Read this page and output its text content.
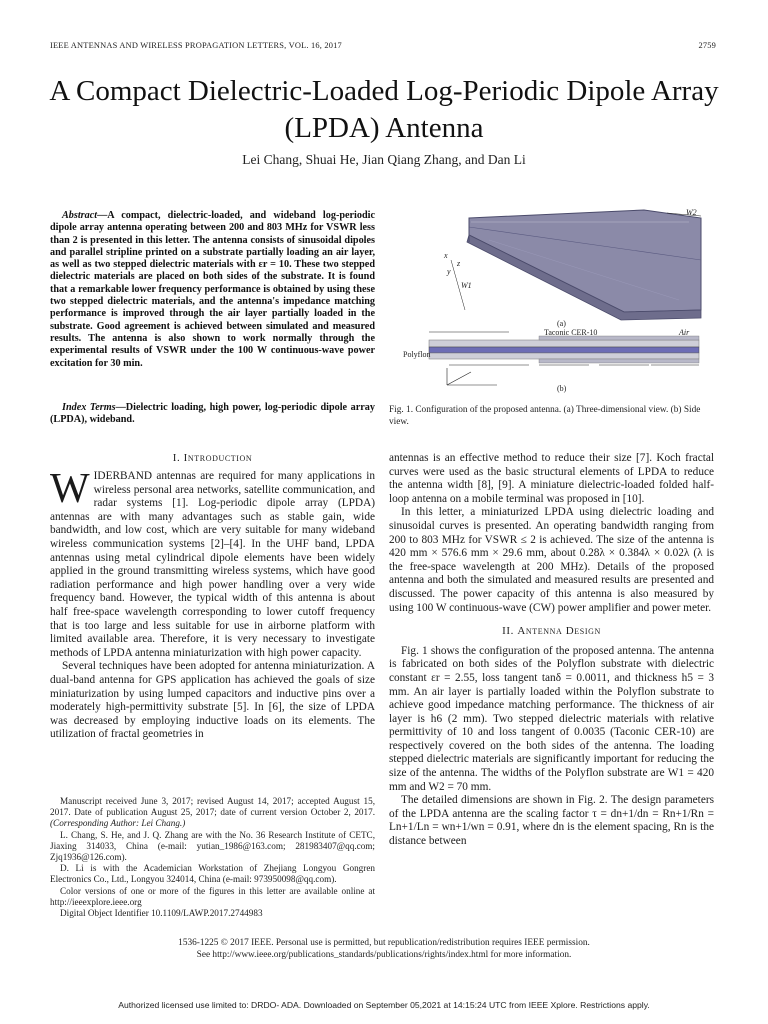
IEEE ANTENNAS AND WIRELESS PROPAGATION LETTERS, VOL. 16, 2017	2759
A Compact Dielectric-Loaded Log-Periodic Dipole Array (LPDA) Antenna
Lei Chang, Shuai He, Jian Qiang Zhang, and Dan Li
Abstract—A compact, dielectric-loaded, and wideband log-periodic dipole array antenna operating between 200 and 803 MHz for VSWR less than 2 is presented in this letter. The antenna consists of sinusoidal dipoles and parallel stripline printed on a substrate partially loading an air layer, as well as two stepped dielectric materials with εr = 10. These two stepped dielectric materials are placed on both sides of the substrate. It is found that a remarkable lower frequency performance is obtained by using these two stepped dielectric materials, and the antenna's impedance matching performance is improved through the air layer partially loaded in the substrate. Good agreement is achieved between simulated and measured results. The antenna is also shown to work normally through the experimental results of VSWR under the 100 W continuous-wave power excitation for 30 min.
Index Terms—Dielectric loading, high power, log-periodic dipole array (LPDA), wideband.
W2
W1
x
z
y
(a)
Taconic CER-10	Air
Polyflon
(b)
Fig. 1. Configuration of the proposed antenna. (a) Three-dimensional view. (b) Side view.
I. Introduction

WIDERBAND antennas are required for many applications in wireless personal area networks, satellite communication, and radar systems [1]. Log-periodic dipole array (LPDA) antennas are with many advantages such as stable gain, wide bandwidth, and low cost, which are very suitable for many wideband wireless communication systems [2]–[4]. In the UHF band, LPDA antennas using metal cylindrical dipole elements have been widely applied in the ground transmitting wireless systems, which have good radiation performance and high power handling over a very wide frequency band. However, the typical width of this antenna is about half free-space wavelength corresponding to lower cutoff frequency that is too large and less suitable for use in airborne platform with limited available area. Therefore, it is very necessary to investigate methods of LPDA antenna miniaturization with high power capacity.

Several techniques have been adopted for antenna miniaturization. A dual-band antenna for GPS application has achieved the goals of size miniaturization by using lumped capacitors and inductive pins over a moderately high-permittivity substrate [5]. In [6], the size of LPDA was decreased by employing inductive loads on its elements. The utilization of fractal geometries in

Manuscript received June 3, 2017; revised August 14, 2017; accepted August 15, 2017. Date of publication August 25, 2017; date of current version October 2, 2017. (Corresponding Author: Lei Chang.)

L. Chang, S. He, and J. Q. Zhang are with the No. 36 Research Institute of CETC, Jiaxing 314033, China (e-mail: yutian_1986@163.com; 281983407@qq.com; Zjq1936@126.com).

D. Li is with the Academician Workstation of Zhejiang Longyou Gongren Electronics Co., Ltd., Longyou 324014, China (e-mail: 973950098@qq.com).

Color versions of one or more of the figures in this letter are available online at http://ieeexplore.ieee.org

Digital Object Identifier 10.1109/LAWP.2017.2744983

antennas is an effective method to reduce their size [7]. Koch fractal curves were used as the basic structural elements of LPDA to reduce the antenna width [8], [9]. A miniature dielectric-loaded folded half-loop antenna on a mobile terminal was proposed in [10].

In this letter, a miniaturized LPDA using dielectric loading and sinusoidal curves is presented. An operating bandwidth ranging from 200 to 803 MHz for VSWR ≤ 2 is achieved. The size of the antenna is 420 mm × 576.6 mm × 29.6 mm, about 0.28λ × 0.384λ × 0.02λ (λ is the free-space wavelength at 200 MHz). Details of the proposed antenna and both the simulated and measured results are presented and discussed. The power capacity of this antenna is also measured by using 100 W continuous-wave (CW) power amplifier and power meter.

II. Antenna Design

Fig. 1 shows the configuration of the proposed antenna. The antenna is fabricated on both sides of the Polyflon substrate with dielectric constant εr = 2.55, loss tangent tanδ = 0.0011, and thickness h5 = 3 mm. An air layer is partially loaded within the Polyflon substrate to achieve good impedance matching performance. The thickness of air layer is h6 (2 mm). Two stepped dielectric materials with relative permittivity of 10 and loss tangent of 0.0035 (Taconic CER-10) are respectively covered on the both sides of the antenna. The loading stepped dielectric materials are significantly important for reducing the size of the antenna. The widths of the Polyflon substrate are W1 = 420 mm and W2 = 70 mm.

The detailed dimensions are shown in Fig. 2. The design parameters of the LPDA antenna are the scaling factor τ = dn+1/dn = Rn+1/Rn = Ln+1/Ln = wn+1/wn = 0.91, where dn is the element spacing, Rn is the distance between

1536-1225 © 2017 IEEE. Personal use is permitted, but republication/redistribution requires IEEE permission.
See http://www.ieee.org/publications_standards/publications/rights/index.html for more information.
Authorized licensed use limited to: DRDO- ADA. Downloaded on September 05,2021 at 14:15:24 UTC from IEEE Xplore. Restrictions apply.
